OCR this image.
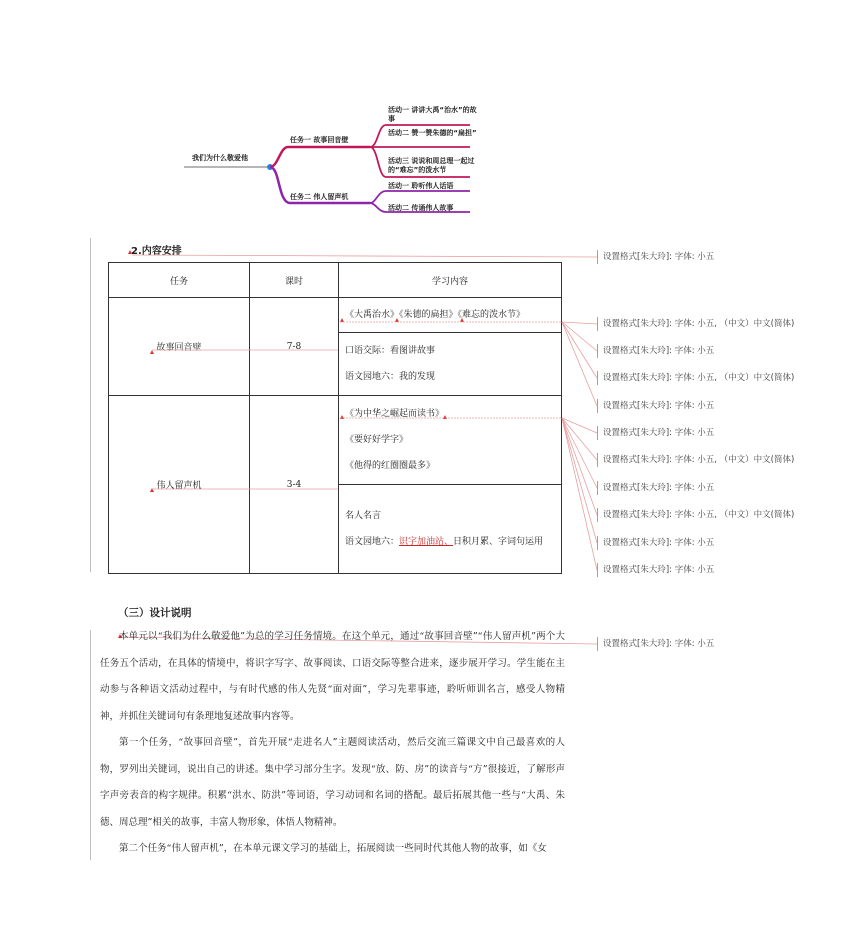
我们为什么敬爱他
任务一 故事回音壁
任务二 伟人留声机
活动一 讲讲大禹“治水”的故事
活动二 赞一赞朱德的“扁担”
活动三 说说和周总理一起过的“难忘”的泼水节
活动一 聆听伟人话语
活动二 传诵伟人故事
2.内容安排
任务	课时	学习内容
故事回音壁	7-8	《大禹治水》《朱德的扁担》《难忘的泼水节》

		口语交际：看图讲故事
语文园地六：我的发现

伟人留声机	3-4	《为中华之崛起而读书》
《要好好学字》
《他得的红圈圈最多》

		名人名言
语文园地六：识字加油站、日积月累、字词句运用
设置格式[朱大玲]: 字体: 小五
设置格式[朱大玲]: 字体: 小五, （中文）中文(简体)
设置格式[朱大玲]: 字体: 小五
设置格式[朱大玲]: 字体: 小五, （中文）中文(简体)
设置格式[朱大玲]: 字体: 小五
设置格式[朱大玲]: 字体: 小五
设置格式[朱大玲]: 字体: 小五, （中文）中文(简体)
设置格式[朱大玲]: 字体: 小五
设置格式[朱大玲]: 字体: 小五, （中文）中文(简体)
设置格式[朱大玲]: 字体: 小五
设置格式[朱大玲]: 字体: 小五
设置格式[朱大玲]: 字体: 小五
（三）设计说明

本单元以“我们为什么敬爱他”为总的学习任务情境。在这个单元，通过“故事回音壁”“伟人留声机”两个大任务五个活动，在具体的情境中，将识字写字、故事阅读、口语交际等整合进来，逐步展开学习。学生能在主动参与各种语文活动过程中，与有时代感的伟人先贤“面对面”，学习先辈事迹，聆听师训名言，感受人物精神，并抓住关键词句有条理地复述故事内容等。

第一个任务，“故事回音壁”，首先开展“走进名人”主题阅读活动，然后交流三篇课文中自己最喜欢的人物，罗列出关键词，说出自己的讲述。集中学习部分生字。发现“放、防、房”的读音与“方”很接近，了解形声字声旁表音的构字规律。积累“洪水、防洪”等词语，学习动词和名词的搭配。最后拓展其他一些与“大禹、朱德、周总理”相关的故事，丰富人物形象，体悟人物精神。

第二个任务“伟人留声机”，在本单元课文学习的基础上，拓展阅读一些同时代其他人物的故事，如《女
